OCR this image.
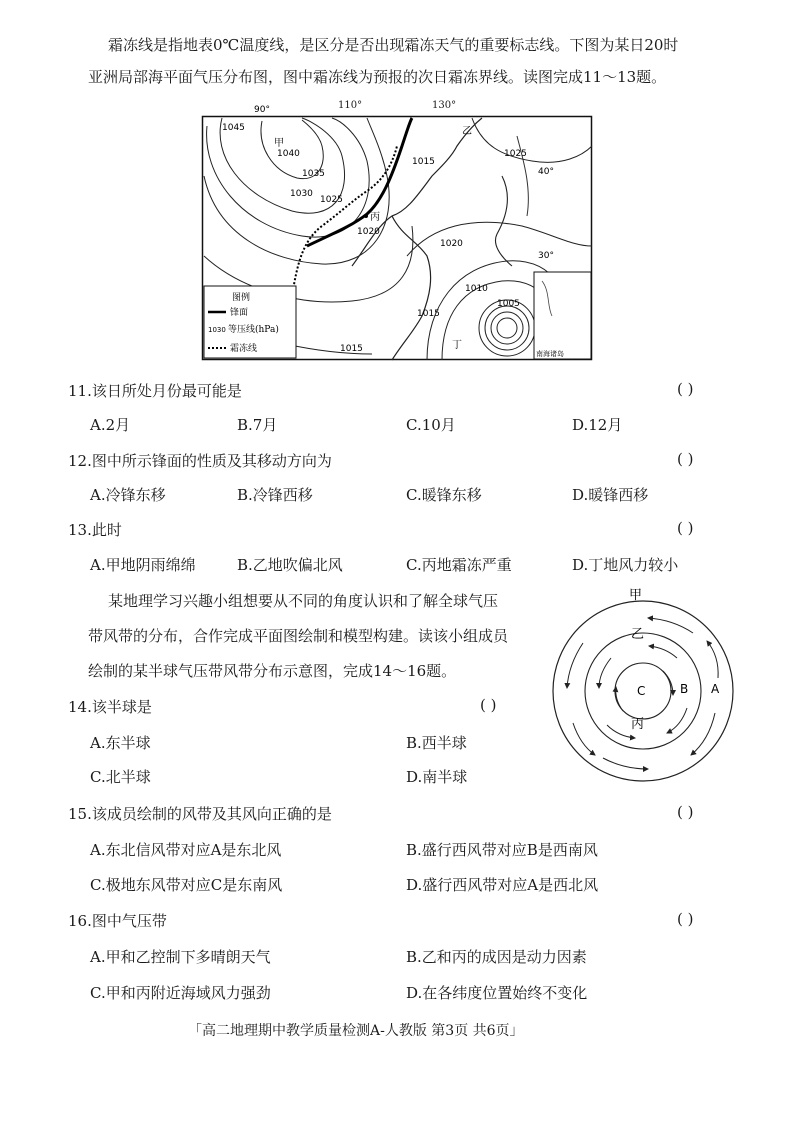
霜冻线是指地表0℃温度线，是区分是否出现霜冻天气的重要标志线。下图为某日20时
亚洲局部海平面气压分布图，图中霜冻线为预报的次日霜冻界线。读图完成11～13题。
90°
40°
30°
1045
1040
1035
1030
1025
1020
1015
1010
1005
1020
1015
1025
1015
甲
乙
丙
丁
图例
锋面
1030 等压线(hPa)
霜冻线	南海诸岛
110°	130°
11.该日所处月份最可能是	( )
A.2月	B.7月	C.10月	D.12月
12.图中所示锋面的性质及其移动方向为	( )
A.冷锋东移	B.冷锋西移	C.暖锋东移	D.暖锋西移
13.此时	( )
A.甲地阴雨绵绵	B.乙地吹偏北风	C.丙地霜冻严重	D.丁地风力较小
某地理学习兴趣小组想要从不同的角度认识和了解全球气压
带风带的分布，合作完成平面图绘制和模型构建。读该小组成员
绘制的某半球气压带风带分布示意图，完成14～16题。
甲
乙
丙
A
B
C
14.该半球是	( )
A.东半球	B.西半球
C.北半球	D.南半球
15.该成员绘制的风带及其风向正确的是	( )
A.东北信风带对应A是东北风	B.盛行西风带对应B是西南风
C.极地东风带对应C是东南风	D.盛行西风带对应A是西北风
16.图中气压带	( )
A.甲和乙控制下多晴朗天气	B.乙和丙的成因是动力因素
C.甲和丙附近海域风力强劲	D.在各纬度位置始终不变化
「高二地理期中教学质量检测A-人教版 第3页 共6页」
